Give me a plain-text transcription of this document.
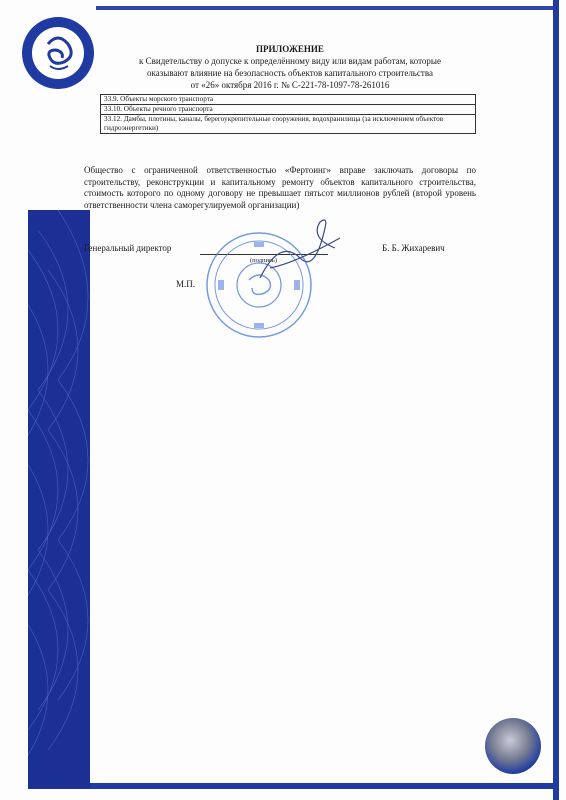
ПРИЛОЖЕНИЕ
к Свидетельству о допуске к определённому виду или видам работам, которые
оказывают влияние на безопасность объектов капитального строительства
от «26» октября 2016 г. № С-221-78-1097-78-261016
33.9. Объекты морского транспорта
33.10. Объекты речного транспорта
33.12. Дамбы, плотины, каналы, берегоукрепительные сооружения, водохранилища (за исключением объектов гидроэнергетики)
Общество с ограниченной ответственностью «Фертоинг» вправе заключать договоры по строительству, реконструкции и капитальному ремонту объектов капитального строительства, стоимость которого по одному договору не превышает пятьсот миллионов рублей (второй уровень ответственности члена саморегулируемой организации)
Генеральный директор
(подпись)
Б. Б. Жихаревич
М.П.
